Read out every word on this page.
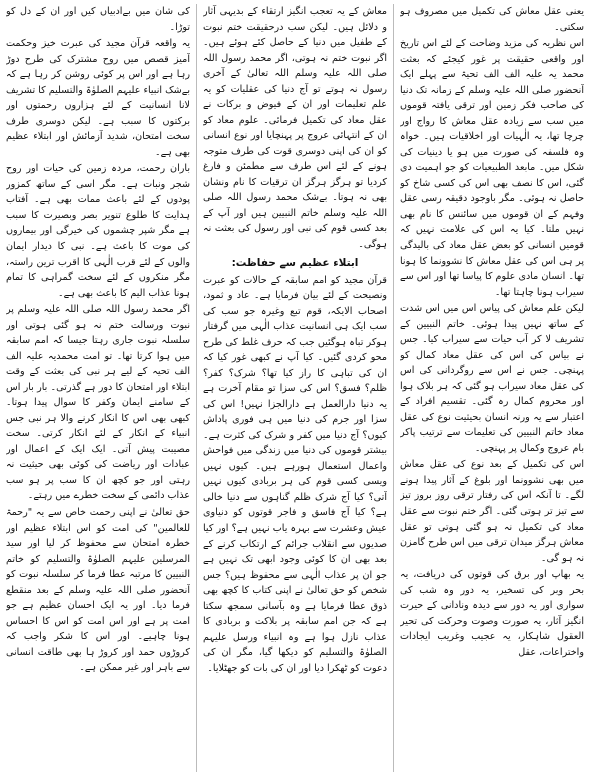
یعنی عقل معاش کی تکمیل میں مصروف ہو سکتی۔

اس نظریہ کی مزید وضاحت کے لئے اس تاریخ اور واقعی حقیقت پر غور کیجئے کہ بعثت محمد یہ علیہ الف الف تحیۃ سے پہلے ایک آنحضور صلی اللہ علیہ وسلم کے زمانہ تک دنیا کی صاحب فکر زمین اور ترقی یافتہ قوموں میں سب سے زیادہ عقل معاش کا رواج اور چرچا تھا، یہ الٰہیات اور اخلاقیات ہیں۔ خواہ وہ فلسفہ کی صورت میں ہو یا دینیات کی شکل میں۔ مابعد الطبیعیات کو جو اہمیت دی گئی، اس کا نصف بھی اس کی کسی شاخ کو حاصل نہ ہوئی۔ مگر باوجود دقیقہ رسی عقل وفہم کے ان قوموں میں سائنس کا نام بھی نہیں ملتا۔ کیا یہ اس کی علامت نہیں کہ قومیں انسانی کو بعض عقل معاد کی بالیدگی پر ہی اس کی عقل معاش کا نشوونما کا ہونا تھا۔ انسان مادی علوم کا پیاسا تھا اور اس سے سیراب ہونا چاہتا تھا۔

لیکن علم معاش کی پیاس اس میں اس شدت کے ساتھ نہیں پیدا ہوئی۔ خاتم النبیین کے تشریف لا کر آب حیات سے سیراب کیا۔ جس نے بیاس کی اس کی عقل معاد کمال کو پہنچی۔ جس نے اس سے روگردانی کی اس کی عقل معاد سیراب ہو گئی کہ ہر بلاک ہوا اور محروم کمال رہ گئی۔ تقسیم افراد کے اعتبار سے یہ ورنہ انسان بحیثیت نوع کی عقل معاد خاتم النبیین کی تعلیمات سے ترتیب پاکر بام عروج وکمال پر پہنچی۔

اس کی تکمیل کے بعد نوع کی عقل معاش میں بھی نشوونما اور بلوغ کے آثار پیدا ہونے لگے۔ تا آنکہ اس کی رفتار ترقی روز بروز تیز سے تیز تر ہوتی گئی۔ اگر ختم نبوت سے عقل معاد کی تکمیل نہ ہو گئی ہوتی تو عقل معاش ہرگز میدان ترقی میں اس طرح گامزن نہ ہو گی۔

یہ بھاپ اور برق کی قوتوں کی دریافت، یہ بحر وبر کی تسخیر، یہ دور وہ شب کی سواری اور یہ دور سے دیدہ ونادانی کے حیرت انگیز آثار، یہ صورت وصوت وحرکت کی تحیر العقول شاہکار، یہ عجیب وغریب ایجادات واختراعات، عقل

معاش کے یہ تعجب انگیز ارتقاء کے بدیہی آثار و دلائل ہیں۔ لیکن سب درحقیقت ختم نبوت کے طفیل میں دنیا کے حاصل کئے ہوئے ہیں۔ اگر نبوت ختم نہ ہوتی، اگر محمد رسول اللہ صلی اللہ علیہ وسلم اللہ تعالیٰ کے آخری رسول نہ ہوتے تو آج دنیا کی عقلیات کو یہ علم تعلیمات اور ان کے فیوض و برکات نے عقل معاد کی تکمیل فرمائی۔ علوم معاد کو ان کے انتہائی عروج پر پہنچایا اور نوع انسانی کو ان کی اپنی دوسری قوت کی طرف متوجہ ہونے کے لئے اس طرف سے مطمئن و فارغ کردیا تو ہرگز ہرگز ان ترقیات کا نام ونشان بھی نہ ہوتا۔ بےشک محمد رسول اللہ صلی اللہ علیہ وسلم خاتم النبیین ہیں اور آپ کے بعد کسی قوم کی نبی اور رسول کی بعثت نہ ہوگی۔

ابتلاء عظیم سے حفاظت:

قرآن مجید کو امم سابقہ کے حالات کو عبرت ونصیحت کے لئے بیان فرمایا ہے۔ عاد و ثمود، اصحاب الایکہ، قوم تبع وغیرہ جو سب کی سب ایک ہی انسانیت عذاب الٰہی میں گرفتار ہوکر تباہ ہوگئیں جب کہ حرف غلط کی طرح محو کردی گئیں۔ کیا آپ نے کبھی غور کیا کہ ان کی تباہی کا راز کیا تھا؟ شرک؟ کفر؟ ظلم؟ فسق؟ اس کی سزا تو مقام آخرت ہے یہ دنیا دارالعمل ہے دارالجزا نہیں! اس کی سزا اور جرم کی دنیا میں ہی فوری پاداش کیوں؟ آج دنیا میں کفر و شرک کی کثرت ہے۔ بیشتر قوموں کی دنیا میں زندگی میں فواحش واعمال استعمال ہورہے ہیں۔ کیوں نہیں ویسی کسی قوم کی ہر بربادی کیوں نہیں آتی؟ کیا آج شرک ظلم گناہوں سے دنیا خالی ہے؟ کیا آج فاسق و فاجر قوتوں کو دنیاوی عیش وعشرت سے بہرہ یاب نہیں ہے؟ اور کیا صدیوں سے انقلاب جرائم کے ارتکاب کرنے کے بعد بھی ان کا کوئی وجود ابھی تک نہیں ہے جو ان پر عذاب الٰہی سے محفوظ ہیں؟ جس شخص کو حق تعالیٰ نے اپنی کتاب کا کچھ بھی ذوق عطا فرمایا ہے وہ بآسانی سمجھ سکتا ہے کہ جن امم سابقہ پر بلاکت و بربادی کا عذاب نازل ہوا ہے وہ انبیاء ورسل علیہم الصلوٰۃ والتسلیم کو دیکھا گیا، مگر ان کی دعوت کو ٹھکرا دیا اور ان کی بات کو جھٹلایا۔

کی شان میں بےادبیاں کیں اور ان کے دل کو توڑا۔

یہ واقعہ قرآن مجید کی عبرت خیز وحکمت آمیز قصص میں روح مشترک کی طرح دوڑ رہا ہے اور اس پر کوئی روشن کر رہا ہے کہ بےشک انبیاء علیہم الصلوٰۃ والتسلیم کا تشریف لانا انسانیت کے لئے ہزاروں رحمتوں اور برکتوں کا سبب ہے۔ لیکن دوسری طرف سخت امتحان، شدید آزمائش اور ابتلاء عظیم بھی ہے۔

باران رحمت، مردہ زمین کی حیات اور روح شجر ونبات ہے۔ مگر اسی کے ساتھ کمزور پودوں کے لئے باعث ممات بھی ہے۔ آفتاب ہدایت کا طلوع تنویر بصر وبصیرت کا سبب ہے مگر شپر چشموں کی خیرگی اور بیماروں کی موت کا باعث ہے۔ نبی کا دیدار ایمان والوں کے لئے قرب الٰہی کا اقرب ترین راستہ، مگر منکروں کے لئے سخت گمراہی کا تمام ہونا عذاب الیم کا باعث بھی ہے۔

اگر محمد رسول اللہ صلی اللہ علیہ وسلم پر نبوت ورسالت ختم نہ ہو گئی ہوتی اور سلسلہ نبوت جاری رہتا جیسا کہ امم سابقہ میں ہوا کرتا تھا۔ تو امت محمدیہ علیہ الف الف تحیہ کے لیے ہر نبی کی بعثت کے وقت ابتلاء اور امتحان کا دور ہے گذرتی۔ بار بار اس کے سامنے ایمان وکفر کا سوال پیدا ہوتا۔ کبھی بھی اس کا انکار کرنے والا ہر نبی جس انبیاء کے انکار کے لئے انکار کرتی۔ سخت مصیبت پیش آتی۔ ایک ایک کے اعمال اور عبادات اور ریاضت کی کوئی بھی حیثیت نہ رہتی اور جو کچھ ان کا سب پر ہو سب عذاب دائمی کے سخت خطرے میں رہتے۔

حق تعالیٰ نے اپنی رحمت خاص سے یہ "رحمۃ للعالمین" کی امت کو اس ابتلاء عظیم اور خطرہ امتحان سے محفوظ کر لیا اور سید المرسلین علیہم الصلوٰۃ والتسلیم کو خاتم النبیین کا مرتبہ عطا فرما کر سلسلہ نبوت کو آنحضور صلی اللہ علیہ وسلم کے بعد منقطع فرما دیا۔ اور یہ ایک احسان عظیم ہے جو امت پر ہے اور اس امت کو اس کا احساس ہونا چاہیے۔ اور اس کا شکر واجب کہ کروڑوں حمد اور کروڑ ہا بھی طاقت انسانی سے باہر اور غیر ممکن ہے۔
